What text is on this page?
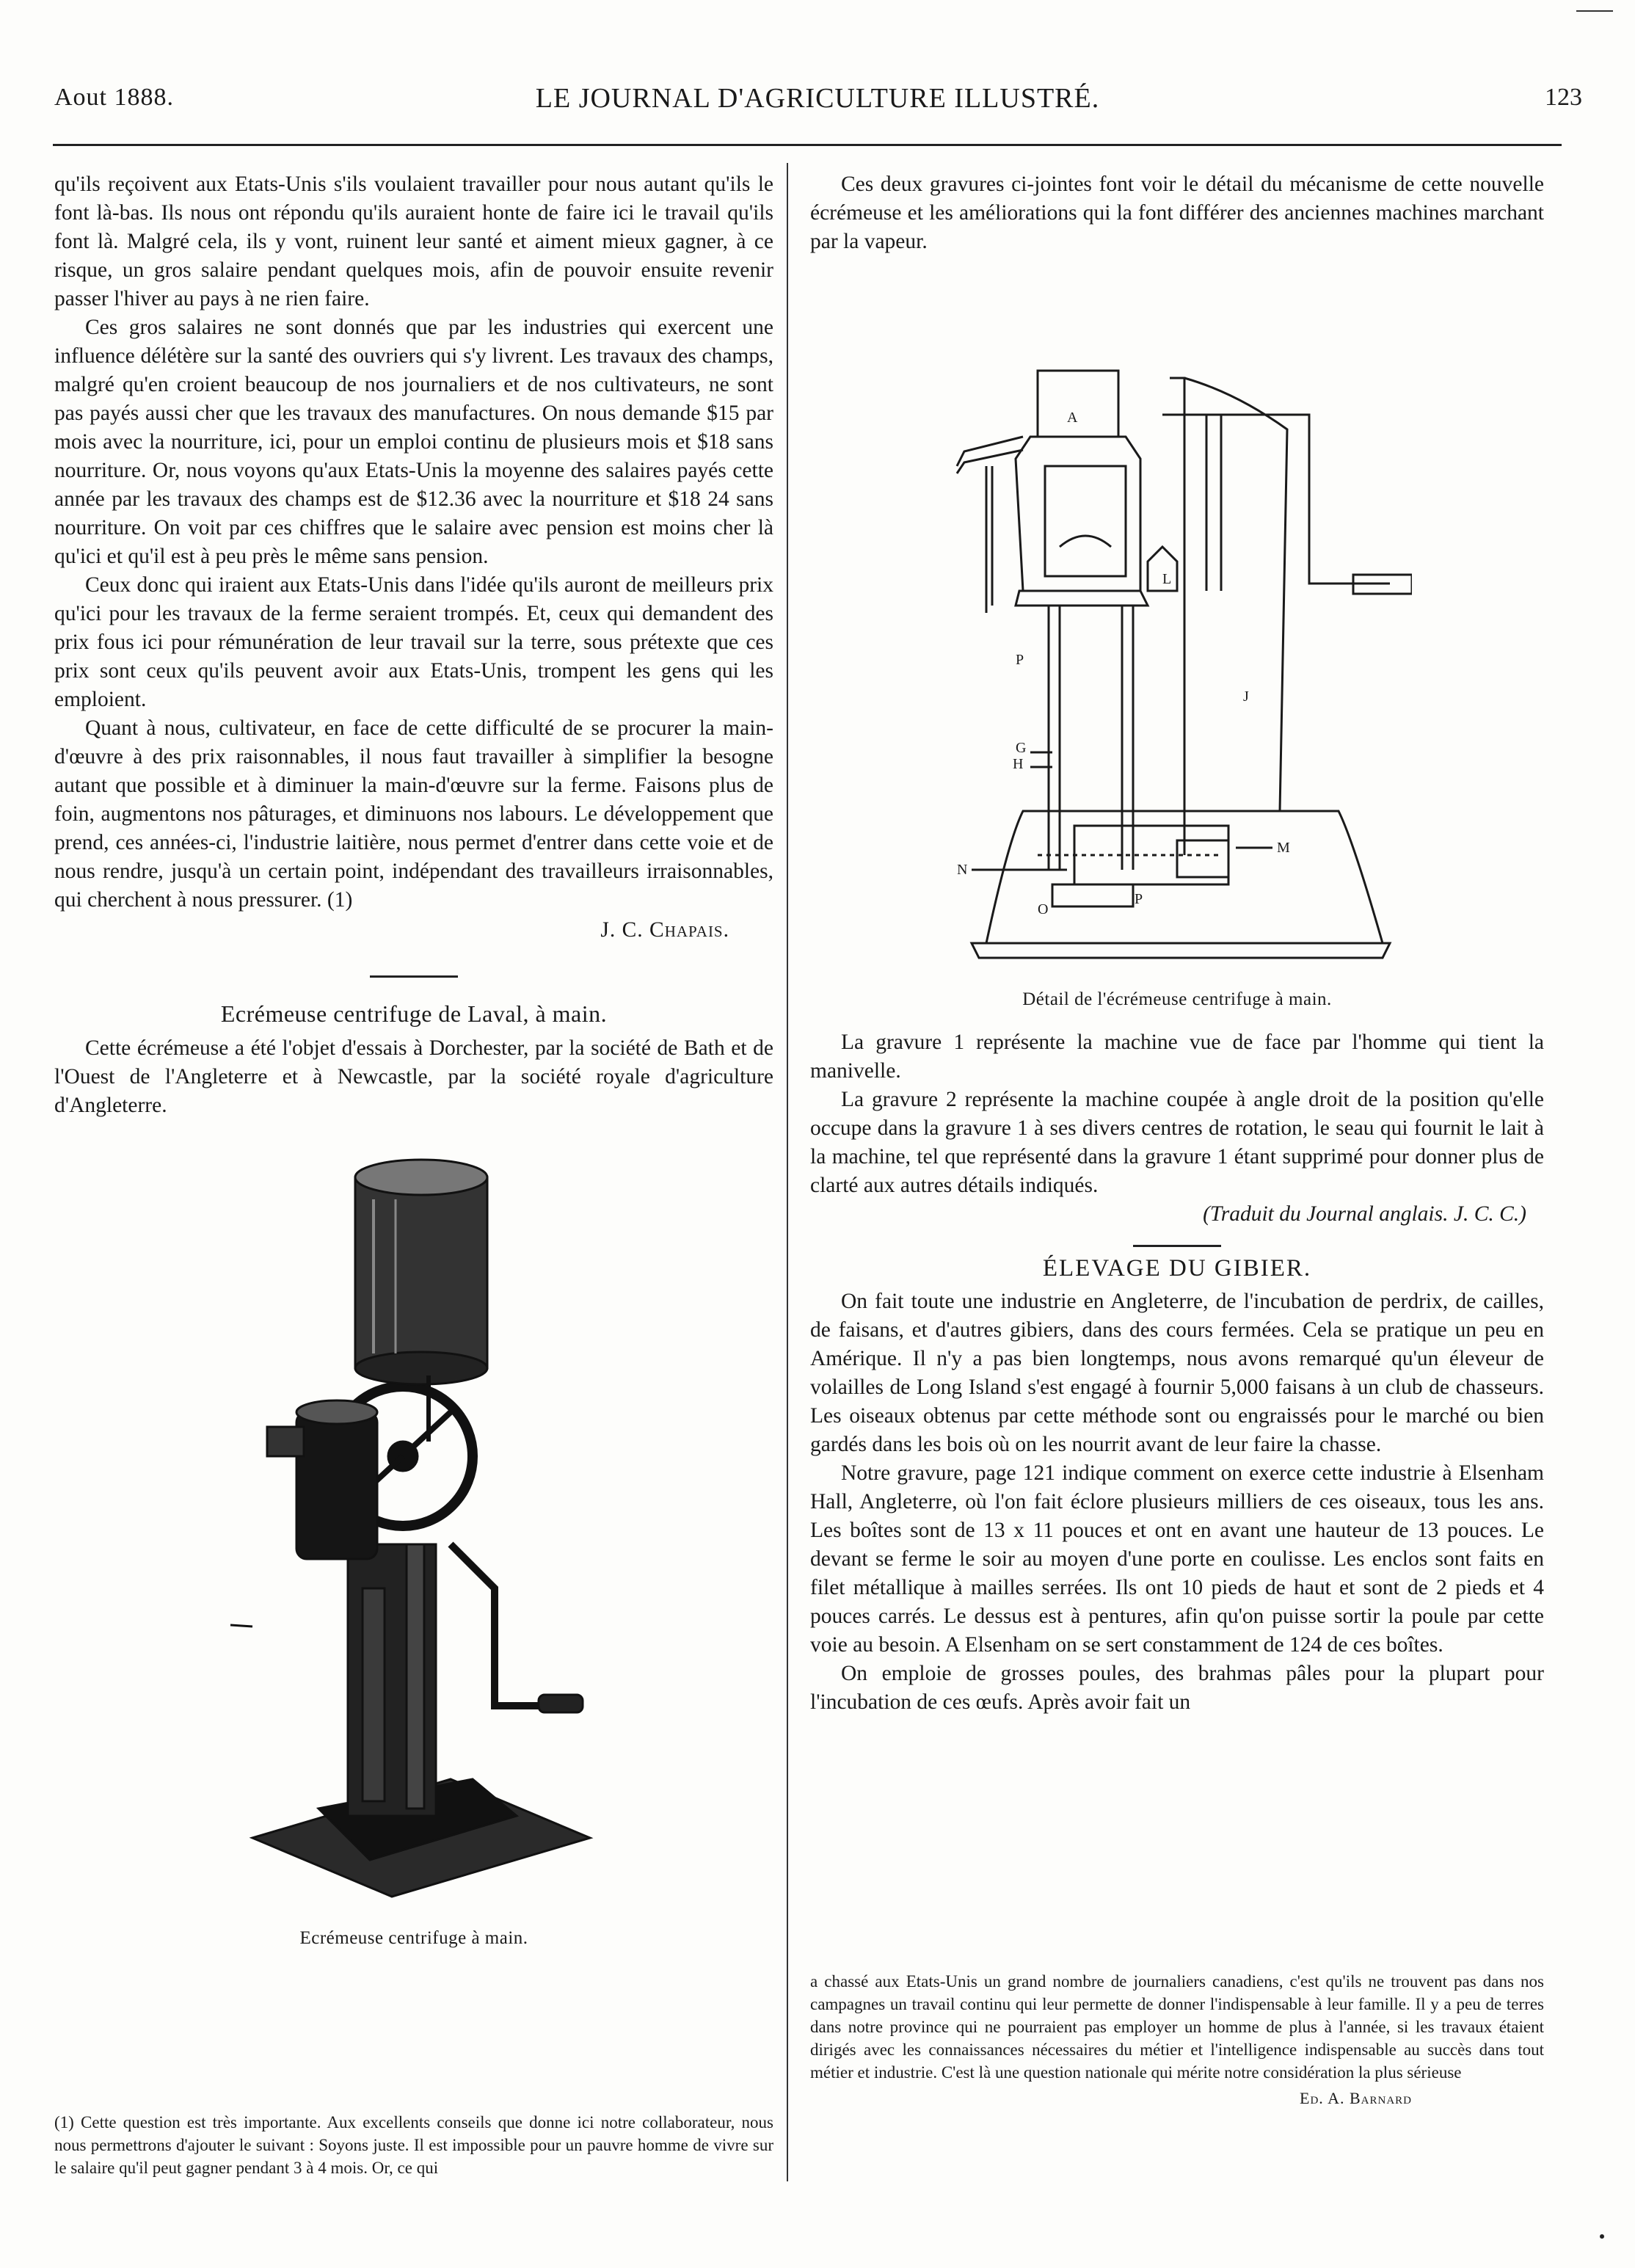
Aout 1888.	LE JOURNAL D'AGRICULTURE ILLUSTRÉ.	123

qu'ils reçoivent aux Etats-Unis s'ils voulaient travailler pour nous autant qu'ils le font là-bas. Ils nous ont répondu qu'ils auraient honte de faire ici le travail qu'ils font là. Malgré cela, ils y vont, ruinent leur santé et aiment mieux gagner, à ce risque, un gros salaire pendant quelques mois, afin de pouvoir ensuite revenir passer l'hiver au pays à ne rien faire.

Ces gros salaires ne sont donnés que par les industries qui exercent une influence délétère sur la santé des ouvriers qui s'y livrent. Les travaux des champs, malgré qu'en croient beaucoup de nos journaliers et de nos cultivateurs, ne sont pas payés aussi cher que les travaux des manufactures. On nous demande $15 par mois avec la nourriture, ici, pour un emploi continu de plusieurs mois et $18 sans nourriture. Or, nous voyons qu'aux Etats-Unis la moyenne des salaires payés cette année par les travaux des champs est de $12.36 avec la nourriture et $18 24 sans nourriture. On voit par ces chiffres que le salaire avec pension est moins cher là qu'ici et qu'il est à peu près le même sans pension.

Ceux donc qui iraient aux Etats-Unis dans l'idée qu'ils auront de meilleurs prix qu'ici pour les travaux de la ferme seraient trompés. Et, ceux qui demandent des prix fous ici pour rémunération de leur travail sur la terre, sous prétexte que ces prix sont ceux qu'ils peuvent avoir aux Etats-Unis, trompent les gens qui les emploient.

Quant à nous, cultivateur, en face de cette difficulté de se procurer la main-d'œuvre à des prix raisonnables, il nous faut travailler à simplifier la besogne autant que possible et à diminuer la main-d'œuvre sur la ferme. Faisons plus de foin, augmentons nos pâturages, et diminuons nos labours. Le développement que prend, ces années-ci, l'industrie laitière, nous permet d'entrer dans cette voie et de nous rendre, jusqu'à un certain point, indépendant des travailleurs irraisonnables, qui cherchent à nous pressurer. (1)

J. C. Chapais.
Ecrémeuse centrifuge de Laval, à main.

Cette écrémeuse a été l'objet d'essais à Dorchester, par la société de Bath et de l'Ouest de l'Angleterre et à Newcastle, par la société royale d'agriculture d'Angleterre.

Ecrémeuse centrifuge à main.
(1) Cette question est très importante. Aux excellents conseils que donne ici notre collaborateur, nous nous permettrons d'ajouter le suivant : Soyons juste. Il est impossible pour un pauvre homme de vivre sur le salaire qu'il peut gagner pendant 3 à 4 mois. Or, ce qui

Ces deux gravures ci-jointes font voir le détail du mécanisme de cette nouvelle écrémeuse et les améliorations qui la font différer des anciennes machines marchant par la vapeur.

A
L
J
P
G
H
N
M
P
O
Détail de l'écrémeuse centrifuge à main.

La gravure 1 représente la machine vue de face par l'homme qui tient la manivelle.

La gravure 2 représente la machine coupée à angle droit de la position qu'elle occupe dans la gravure 1 à ses divers centres de rotation, le seau qui fournit le lait à la machine, tel que représenté dans la gravure 1 étant supprimé pour donner plus de clarté aux autres détails indiqués.

(Traduit du Journal anglais. J. C. C.)
ÉLEVAGE DU GIBIER.

On fait toute une industrie en Angleterre, de l'incubation de perdrix, de cailles, de faisans, et d'autres gibiers, dans des cours fermées. Cela se pratique un peu en Amérique. Il n'y a pas bien longtemps, nous avons remarqué qu'un éleveur de volailles de Long Island s'est engagé à fournir 5,000 faisans à un club de chasseurs. Les oiseaux obtenus par cette méthode sont ou engraissés pour le marché ou bien gardés dans les bois où on les nourrit avant de leur faire la chasse.

Notre gravure, page 121 indique comment on exerce cette industrie à Elsenham Hall, Angleterre, où l'on fait éclore plusieurs milliers de ces oiseaux, tous les ans. Les boîtes sont de 13 x 11 pouces et ont en avant une hauteur de 13 pouces. Le devant se ferme le soir au moyen d'une porte en coulisse. Les enclos sont faits en filet métallique à mailles serrées. Ils ont 10 pieds de haut et sont de 2 pieds et 4 pouces carrés. Le dessus est à pentures, afin qu'on puisse sortir la poule par cette voie au besoin. A Elsenham on se sert constamment de 124 de ces boîtes.

On emploie de grosses poules, des brahmas pâles pour la plupart pour l'incubation de ces œufs. Après avoir fait un

a chassé aux Etats-Unis un grand nombre de journaliers canadiens, c'est qu'ils ne trouvent pas dans nos campagnes un travail continu qui leur permette de donner l'indispensable à leur famille. Il y a peu de terres dans notre province qui ne pourraient pas employer un homme de plus à l'année, si les travaux étaient dirigés avec les connaissances nécessaires du métier et l'intelligence indispensable au succès dans tout métier et industrie. C'est là une question nationale qui mérite notre considération la plus sérieuse
Ed. A. Barnard
